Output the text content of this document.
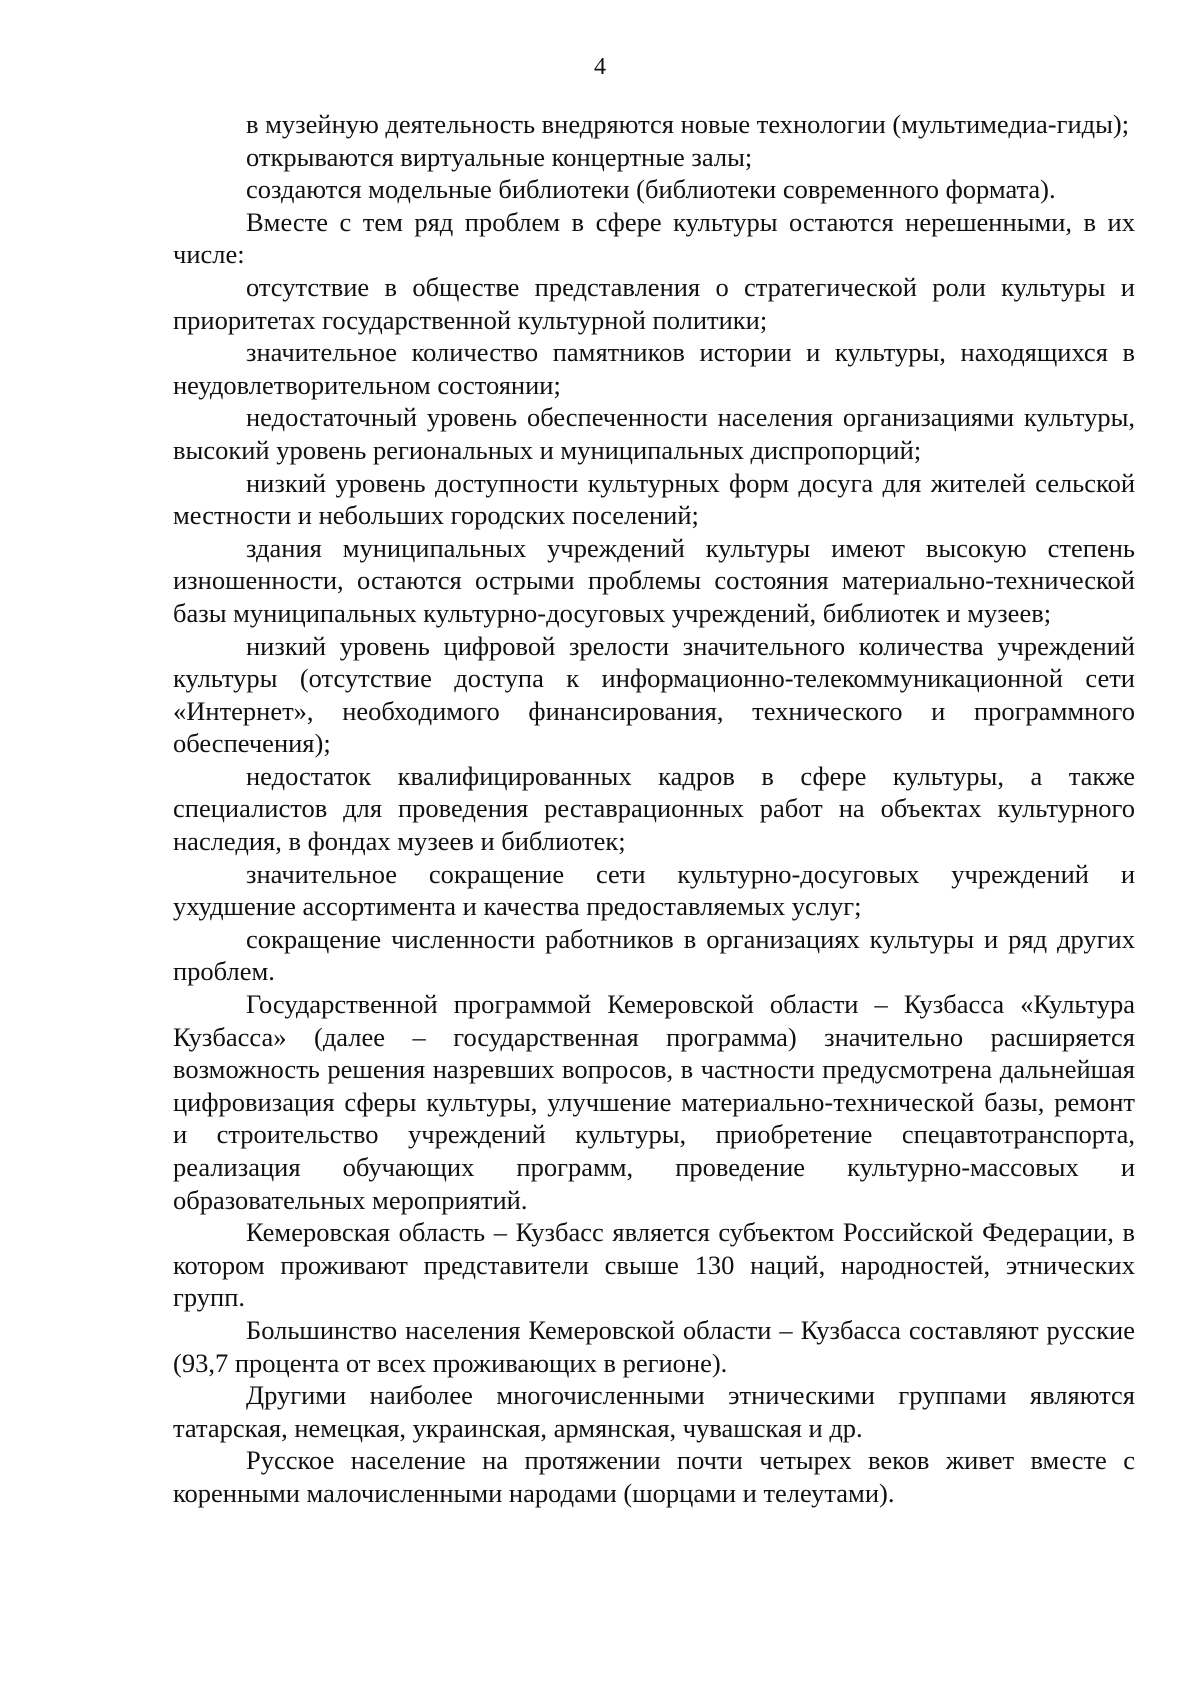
4

в музейную деятельность внедряются новые технологии (мультимедиа-гиды);

открываются виртуальные концертные залы;

создаются модельные библиотеки (библиотеки современного формата).

Вместе с тем ряд проблем в сфере культуры остаются нерешенными, в их числе:

отсутствие в обществе представления о стратегической роли культуры и приоритетах государственной культурной политики;

значительное количество памятников истории и культуры, находящихся в неудовлетворительном состоянии;

недостаточный уровень обеспеченности населения организациями культуры, высокий уровень региональных и муниципальных диспропорций;

низкий уровень доступности культурных форм досуга для жителей сельской местности и небольших городских поселений;

здания муниципальных учреждений культуры имеют высокую степень изношенности, остаются острыми проблемы состояния материально-технической базы муниципальных культурно-досуговых учреждений, библиотек и музеев;

низкий уровень цифровой зрелости значительного количества учреждений культуры (отсутствие доступа к информационно-телекоммуникационной сети «Интернет», необходимого финансирования, технического и программного обеспечения);

недостаток квалифицированных кадров в сфере культуры, а также специалистов для проведения реставрационных работ на объектах культурного наследия, в фондах музеев и библиотек;

значительное сокращение сети культурно-досуговых учреждений и ухудшение ассортимента и качества предоставляемых услуг;

сокращение численности работников в организациях культуры и ряд других проблем.

Государственной программой Кемеровской области – Кузбасса «Культура Кузбасса» (далее – государственная программа) значительно расширяется возможность решения назревших вопросов, в частности предусмотрена дальнейшая цифровизация сферы культуры, улучшение материально-технической базы, ремонт и строительство учреждений культуры, приобретение спецавтотранспорта, реализация обучающих программ, проведение культурно-массовых и образовательных мероприятий.

Кемеровская область – Кузбасс является субъектом Российской Федерации, в котором проживают представители свыше 130 наций, народностей, этнических групп.

Большинство населения Кемеровской области – Кузбасса составляют русские (93,7 процента от всех проживающих в регионе).

Другими наиболее многочисленными этническими группами являются татарская, немецкая, украинская, армянская, чувашская и др.

Русское население на протяжении почти четырех веков живет вместе с коренными малочисленными народами (шорцами и телеутами).
